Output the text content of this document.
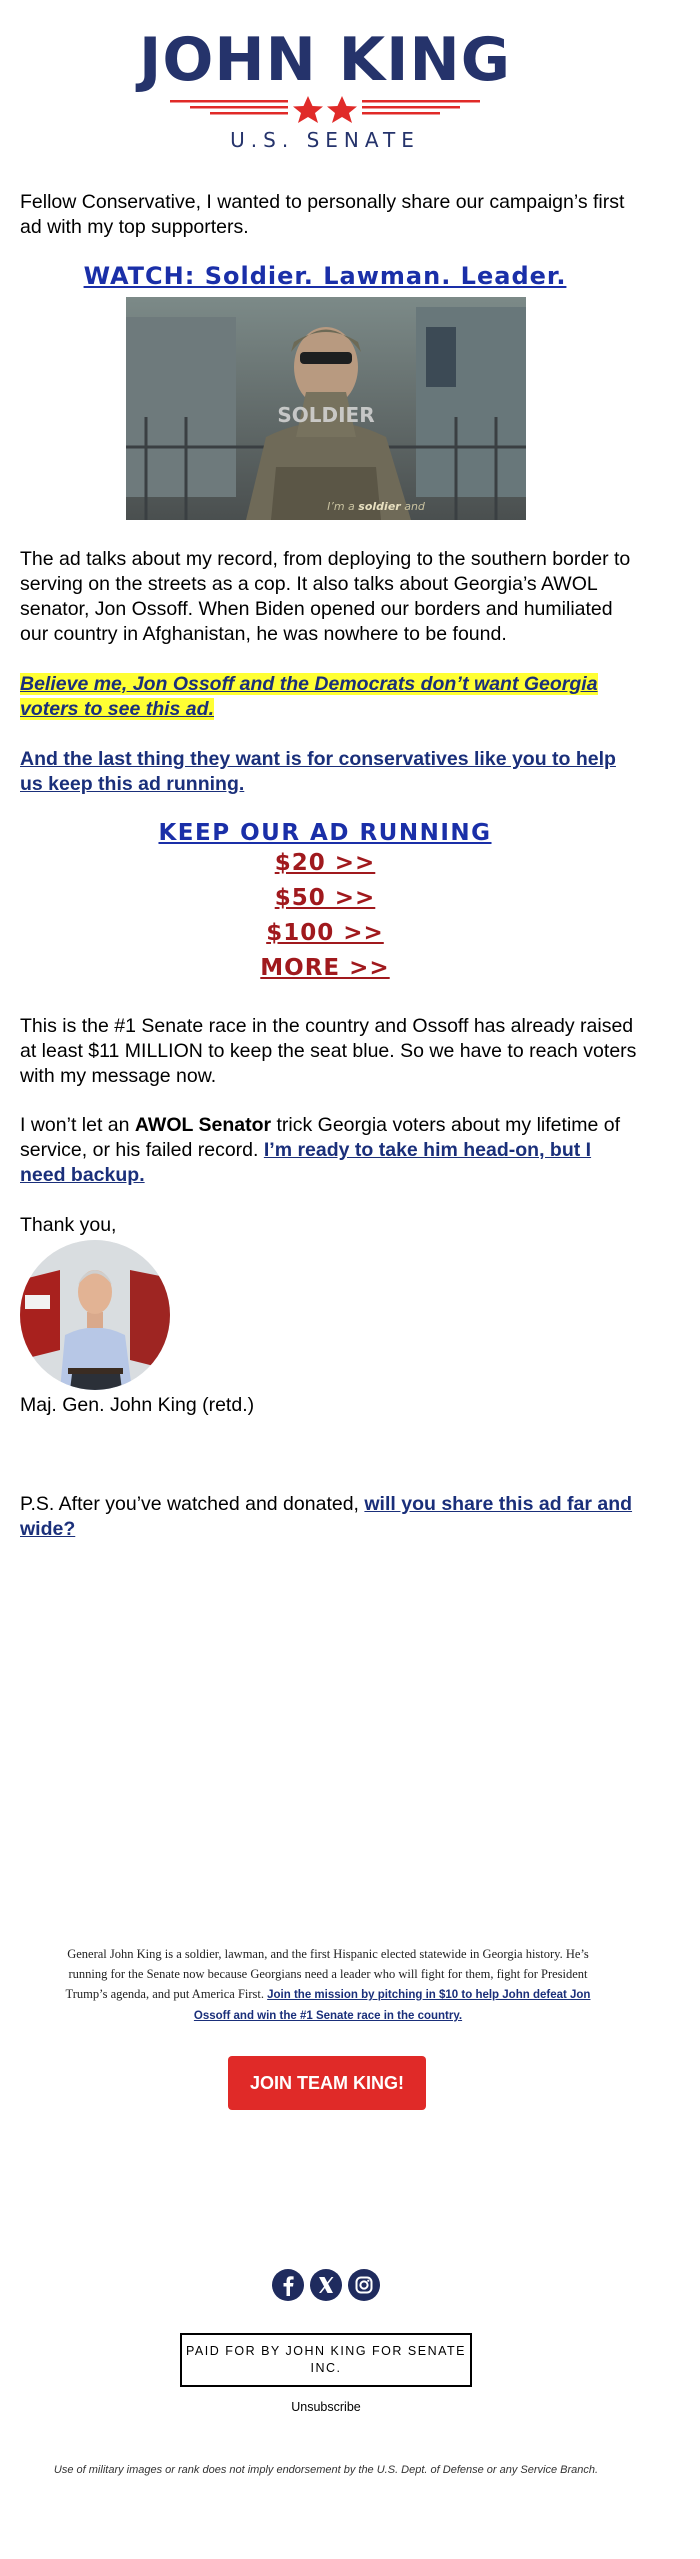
JOHN KING
U.S. SENATE
Fellow Conservative, I wanted to personally share our campaign’s first ad with my top supporters.
WATCH: Soldier. Lawman. Leader.
SOLDIER
I’m a soldier and
The ad talks about my record, from deploying to the southern border to serving on the streets as a cop. It also talks about Georgia’s AWOL senator, Jon Ossoff. When Biden opened our borders and humiliated our country in Afghanistan, he was nowhere to be found.
Believe me, Jon Ossoff and the Democrats don’t want Georgia voters to see this ad.
And the last thing they want is for conservatives like you to help us keep this ad running.
KEEP OUR AD RUNNING
$20 >>
$50 >>
$100 >>
MORE >>
This is the #1 Senate race in the country and Ossoff has already raised at least $11 MILLION to keep the seat blue. So we have to reach voters with my message now.
I won’t let an AWOL Senator trick Georgia voters about my lifetime of service, or his failed record. I’m ready to take him head-on, but I need backup.
Thank you,
Maj. Gen. John King (retd.)
P.S. After you’ve watched and donated, will you share this ad far and wide?
General John King is a soldier, lawman, and the first Hispanic elected statewide in Georgia history. He’s running for the Senate now because Georgians need a leader who will fight for them, fight for President Trump’s agenda, and put America First. Join the mission by pitching in $10 to help John defeat Jon Ossoff and win the #1 Senate race in the country.
JOIN TEAM KING!
PAID FOR BY JOHN KING FOR SENATE INC.
Unsubscribe
Use of military images or rank does not imply endorsement by the U.S. Dept. of Defense or any Service Branch.
